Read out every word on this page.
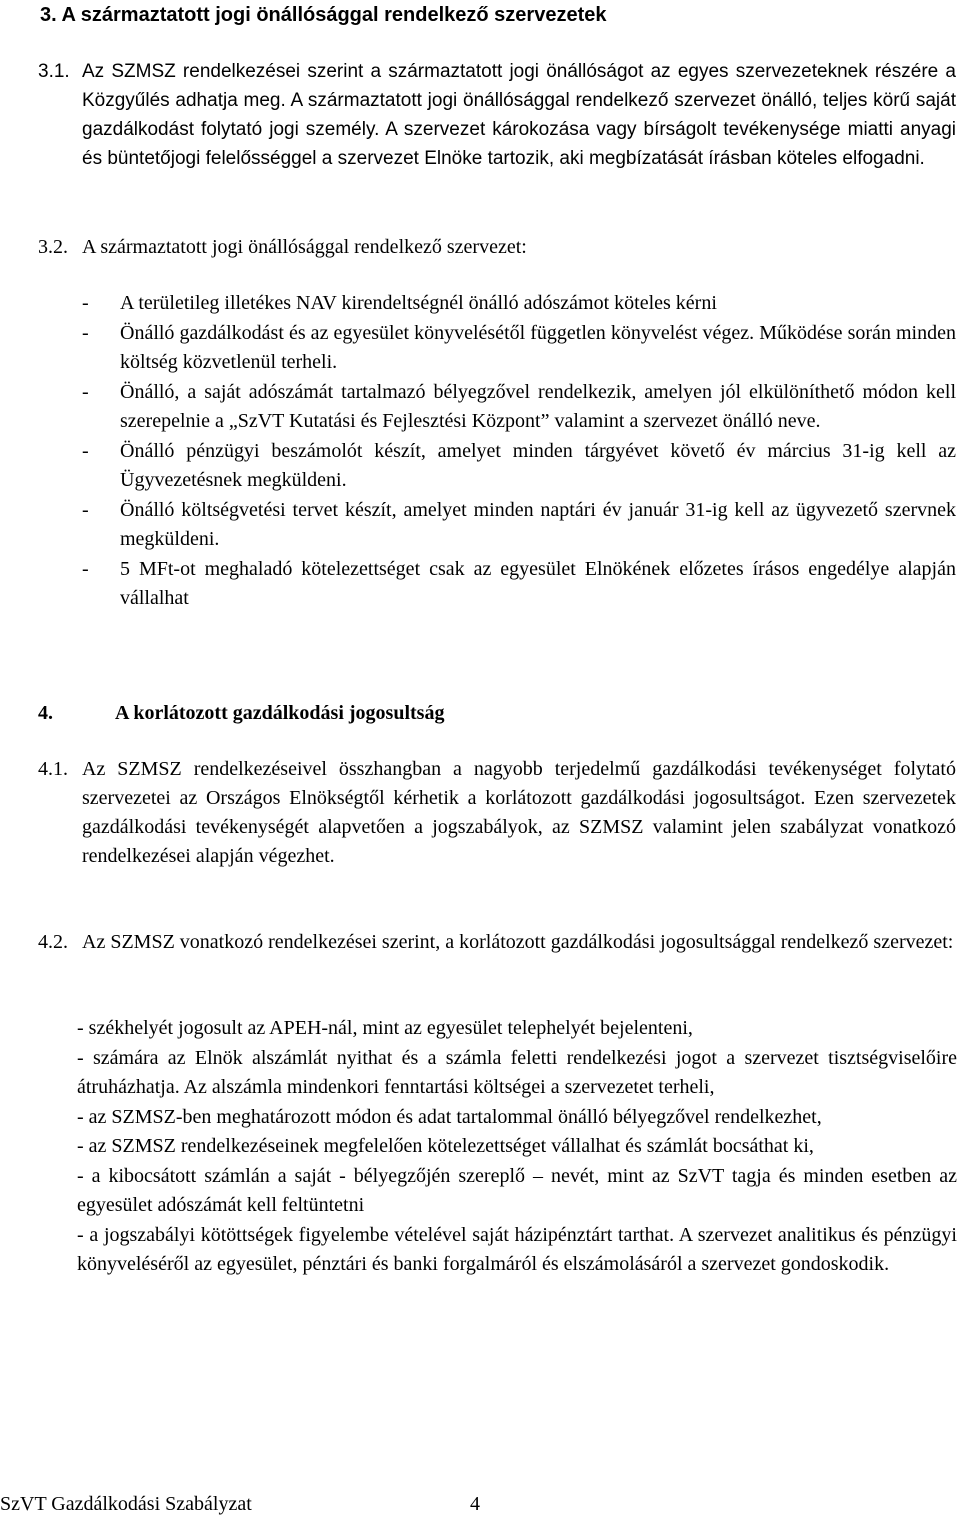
3. A származtatott jogi önállósággal rendelkező szervezetek
3.1. Az SZMSZ rendelkezései szerint a származtatott jogi önállóságot az egyes szervezeteknek részére a Közgyűlés adhatja meg. A származtatott jogi önállósággal rendelkező szervezet önálló, teljes körű saját gazdálkodást folytató jogi személy. A szervezet károkozása vagy bírságolt tevékenysége miatti anyagi és büntetőjogi felelősséggel a szervezet Elnöke tartozik, aki megbízatását írásban köteles elfogadni.
3.2. A származtatott jogi önállósággal rendelkező szervezet:
- A területileg illetékes NAV kirendeltségnél önálló adószámot köteles kérni
- Önálló gazdálkodást és az egyesület könyvelésétől független könyvelést végez. Működése során minden költség közvetlenül terheli.
- Önálló, a saját adószámát tartalmazó bélyegzővel rendelkezik, amelyen jól elkülöníthető módon kell szerepelnie a „SzVT Kutatási és Fejlesztési Központ” valamint a szervezet önálló neve.
- Önálló pénzügyi beszámolót készít, amelyet minden tárgyévet követő év március 31-ig kell az Ügyvezetésnek megküldeni.
- Önálló költségvetési tervet készít, amelyet minden naptári év január 31-ig kell az ügyvezető szervnek megküldeni.
- 5 MFt-ot meghaladó kötelezettséget csak az egyesület Elnökének előzetes írásos engedélye alapján vállalhat
4.	A korlátozott gazdálkodási jogosultság
4.1. Az SZMSZ rendelkezéseivel összhangban a nagyobb terjedelmű gazdálkodási tevékenységet folytató szervezetei az Országos Elnökségtől kérhetik a korlátozott gazdálkodási jogosultságot. Ezen szervezetek gazdálkodási tevékenységét alapvetően a jogszabályok, az SZMSZ valamint jelen szabályzat vonatkozó rendelkezései alapján végezhet.
4.2. Az SZMSZ vonatkozó rendelkezései szerint, a korlátozott gazdálkodási jogosultsággal rendelkező szervezet:
- székhelyét jogosult az APEH-nál, mint az egyesület telephelyét bejelenteni,
- számára az Elnök alszámlát nyithat és a számla feletti rendelkezési jogot a szervezet tisztségviselőire átruházhatja. Az alszámla mindenkori fenntartási költségei a szervezetet terheli,
- az SZMSZ-ben meghatározott módon és adat tartalommal önálló bélyegzővel rendelkezhet,
- az SZMSZ rendelkezéseinek megfelelően kötelezettséget vállalhat és számlát bocsáthat ki,
- a kibocsátott számlán a saját - bélyegzőjén szereplő – nevét, mint az SzVT tagja és minden esetben az egyesület adószámát kell feltüntetni
- a jogszabályi kötöttségek figyelembe vételével saját házipénztárt tarthat. A szervezet analitikus és pénzügyi könyveléséről az egyesület, pénztári és banki forgalmáról és elszámolásáról a szervezet gondoskodik.
SzVT Gazdálkodási Szabályzat	4
